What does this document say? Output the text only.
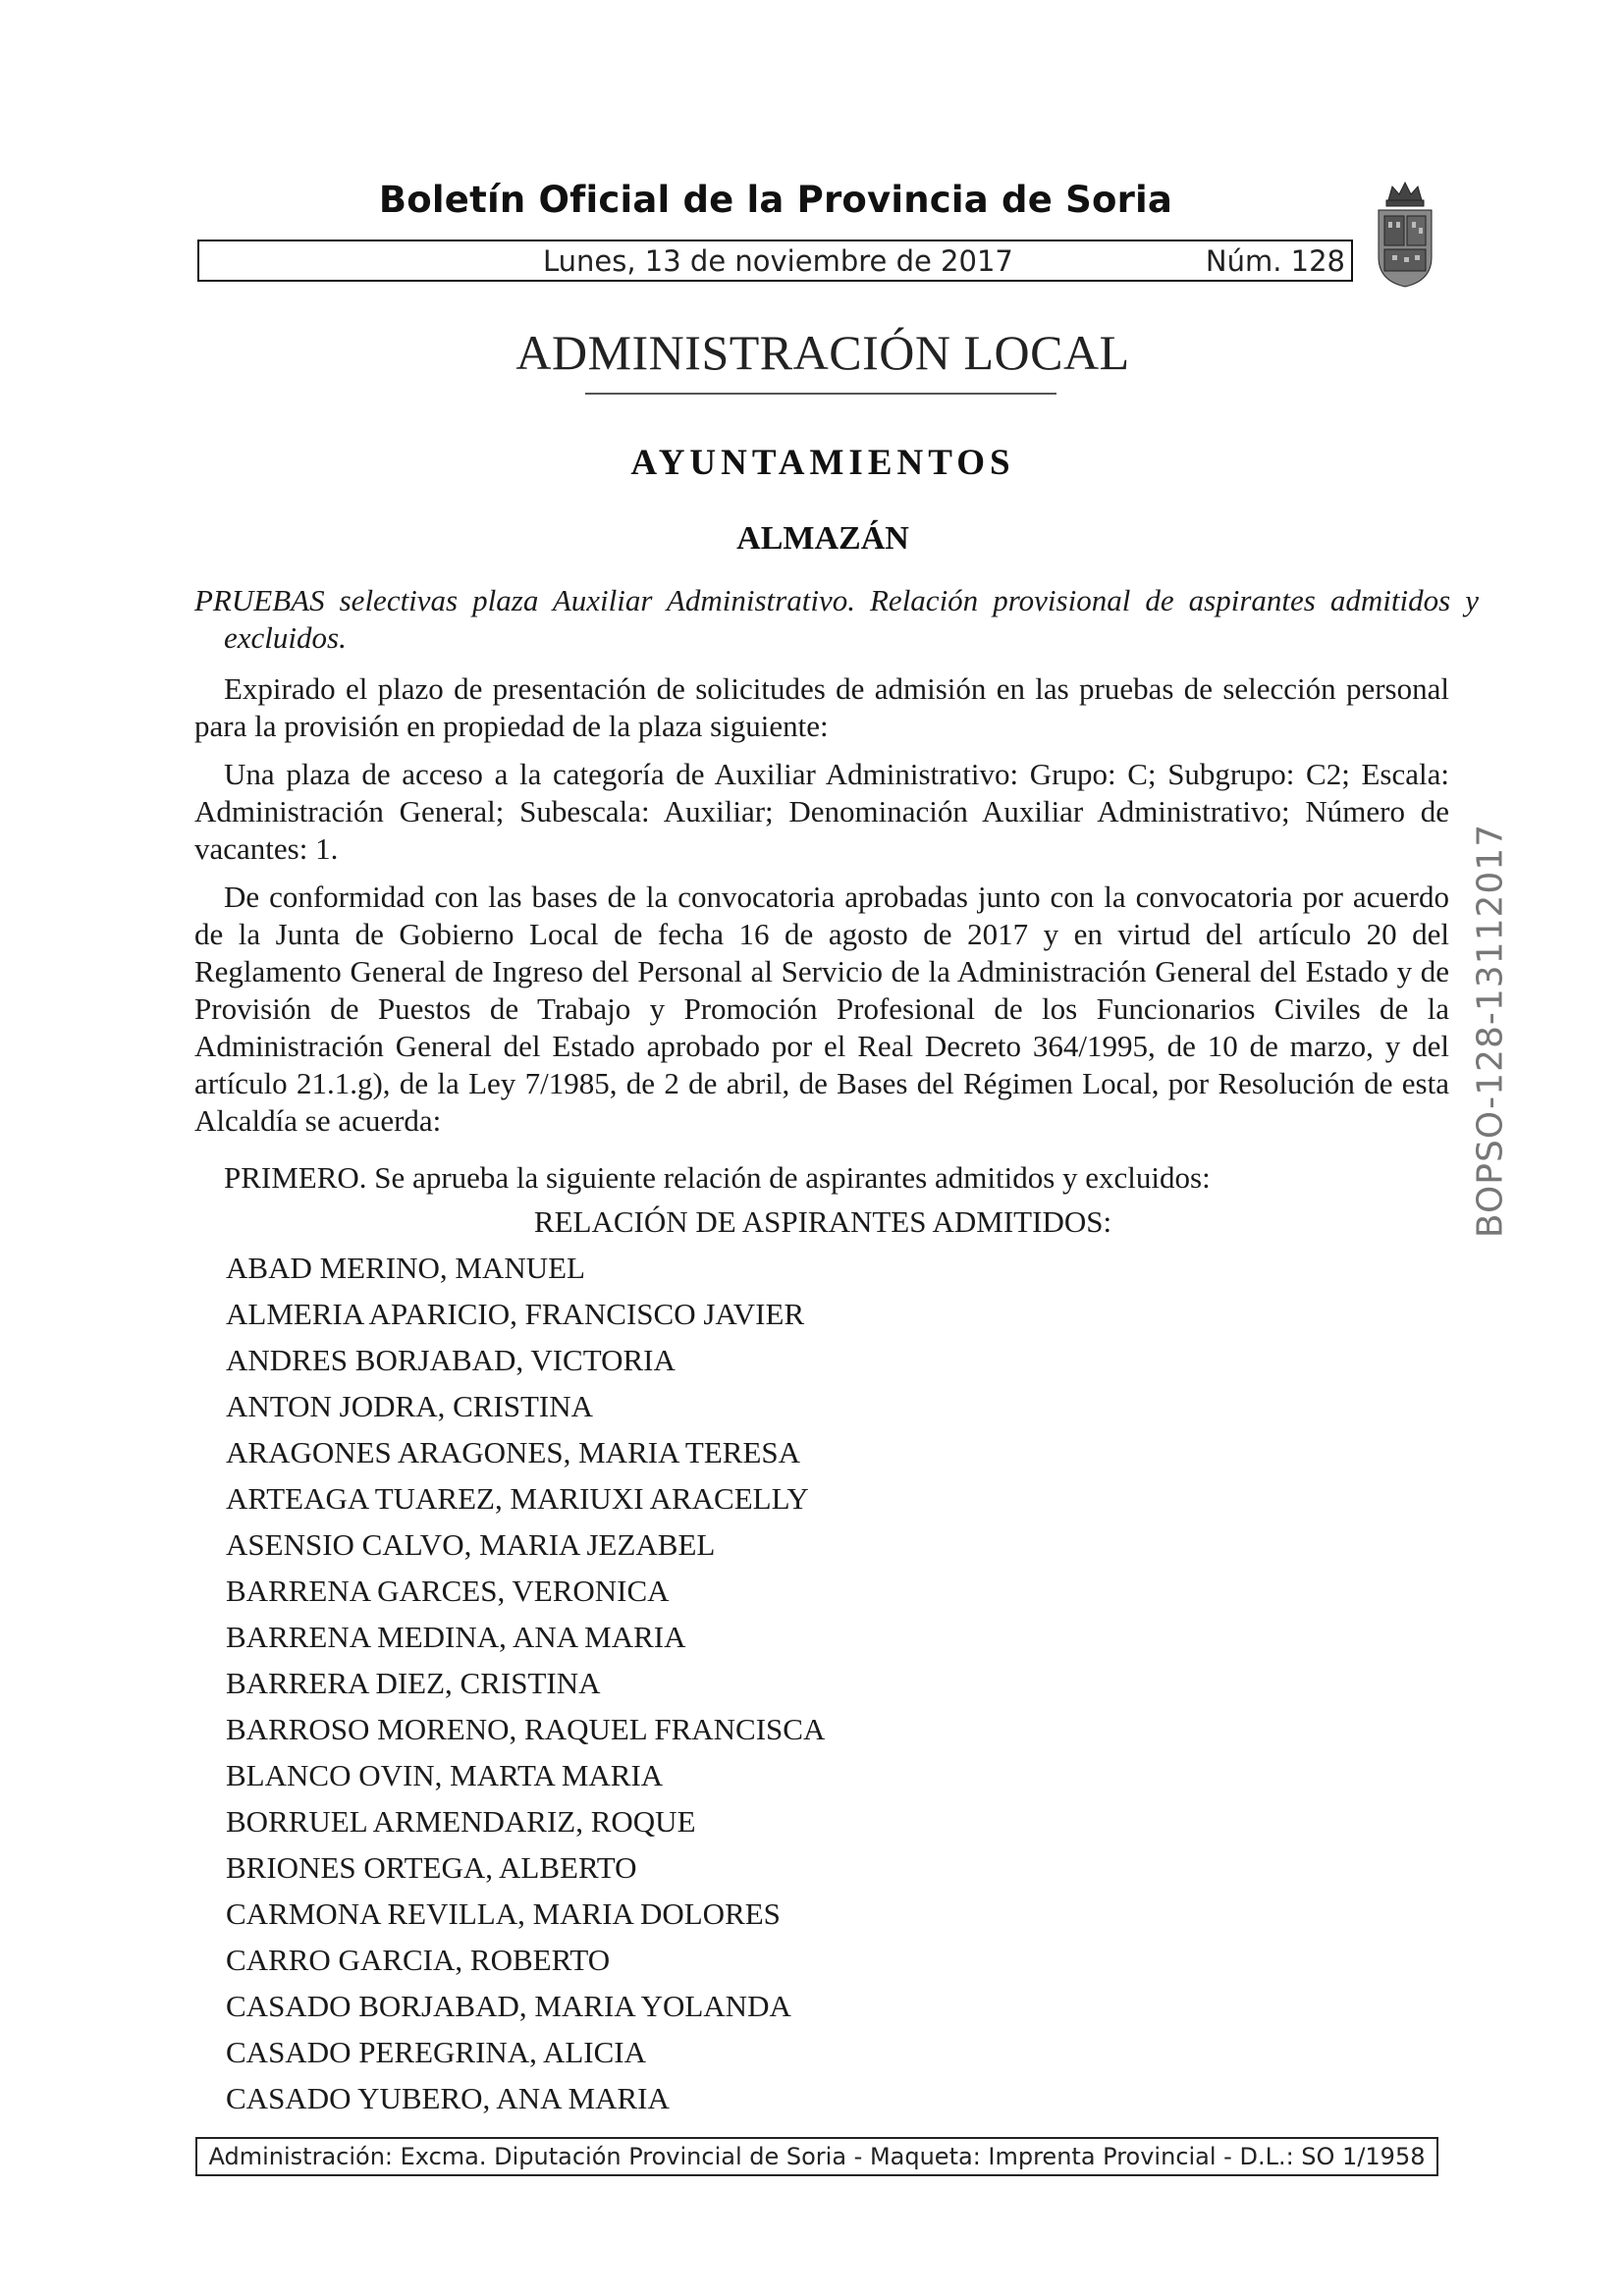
Boletín Oficial de la Provincia de Soria
Lunes, 13 de noviembre de 2017	Núm. 128
ADMINISTRACIÓN LOCAL
AYUNTAMIENTOS
ALMAZÁN
PRUEBAS selectivas plaza Auxiliar Administrativo. Relación provisional de aspirantes admitidos y excluidos.
Expirado el plazo de presentación de solicitudes de admisión en las pruebas de selección personal para la provisión en propiedad de la plaza siguiente:
Una plaza de acceso a la categoría de Auxiliar Administrativo: Grupo: C; Subgrupo: C2; Escala: Administración General; Subescala: Auxiliar; Denominación Auxiliar Administrativo; Número de vacantes: 1.
De conformidad con las bases de la convocatoria aprobadas junto con la convocatoria por acuerdo de la Junta de Gobierno Local de fecha 16 de agosto de 2017 y en virtud del artículo 20 del Reglamento General de Ingreso del Personal al Servicio de la Administración General del Estado y de Provisión de Puestos de Trabajo y Promoción Profesional de los Funcionarios Civiles de la Administración General del Estado aprobado por el Real Decreto 364/1995, de 10 de marzo, y del artículo 21.1.g), de la Ley 7/1985, de 2 de abril, de Bases del Régimen Local, por Resolución de esta Alcaldía se acuerda:
PRIMERO. Se aprueba la siguiente relación de aspirantes admitidos y excluidos:
RELACIÓN DE ASPIRANTES ADMITIDOS:
ABAD MERINO, MANUEL
ALMERIA APARICIO, FRANCISCO JAVIER
ANDRES BORJABAD, VICTORIA
ANTON JODRA, CRISTINA
ARAGONES ARAGONES, MARIA TERESA
ARTEAGA TUAREZ, MARIUXI ARACELLY
ASENSIO CALVO, MARIA JEZABEL
BARRENA GARCES, VERONICA
BARRENA MEDINA, ANA MARIA
BARRERA DIEZ, CRISTINA
BARROSO MORENO, RAQUEL FRANCISCA
BLANCO OVIN, MARTA MARIA
BORRUEL ARMENDARIZ, ROQUE
BRIONES ORTEGA, ALBERTO
CARMONA REVILLA, MARIA DOLORES
CARRO GARCIA, ROBERTO
CASADO BORJABAD, MARIA YOLANDA
CASADO PEREGRINA, ALICIA
CASADO YUBERO, ANA MARIA
BOPSO-128-13112017
Administración: Excma. Diputación Provincial de Soria - Maqueta: Imprenta Provincial - D.L.: SO 1/1958
